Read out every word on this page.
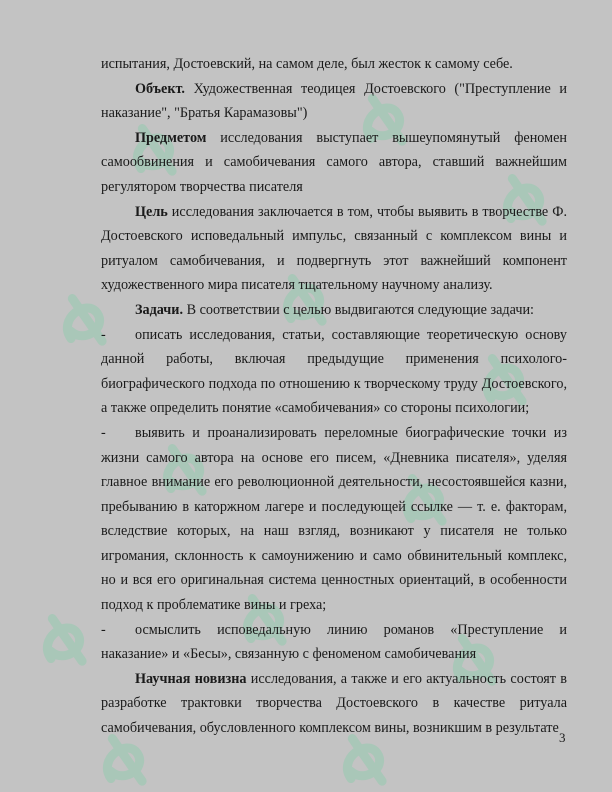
испытания, Достоевский, на самом деле, был жесток к самому себе.

Объект. Художественная теодицея Достоевского ("Преступление и наказание", "Братья Карамазовы")

Предметом исследования выступает вышеупомянутый феномен самообвинения и самобичевания самого автора, ставший важнейшим регулятором творчества писателя

Цель исследования заключается в том, чтобы выявить в творчестве Ф. Достоевского исповедальный импульс, связанный с комплексом вины и ритуалом самобичевания, и подвергнуть этот важнейший компонент художественного мира писателя тщательному научному анализу.

Задачи. В соответствии с целью выдвигаются следующие задачи:

-	описать исследования, статьи, составляющие теоретическую основу данной работы, включая предыдущие применения психолого-биографического подхода по отношению к творческому труду Достоевского, а также определить понятие «самобичевания» со стороны психологии;

-	выявить и проанализировать переломные биографические точки из жизни самого автора на основе его писем, «Дневника писателя», уделяя главное внимание его революционной деятельности, несостоявшейся казни, пребыванию в каторжном лагере и последующей ссылке — т. е. факторам, вследствие которых, на наш взгляд, возникают у писателя не только игромания, склонность к самоунижению и само обвинительный комплекс, но и вся его оригинальная система ценностных ориентаций, в особенности подход к проблематике вины и греха;

-	осмыслить исповедальную линию романов «Преступление и наказание» и «Бесы», связанную с феноменом самобичевания

Научная новизна исследования, а также и его актуальность состоят в разработке трактовки творчества Достоевского в качестве ритуала самобичевания, обусловленного комплексом вины, возникшим в результате

3
